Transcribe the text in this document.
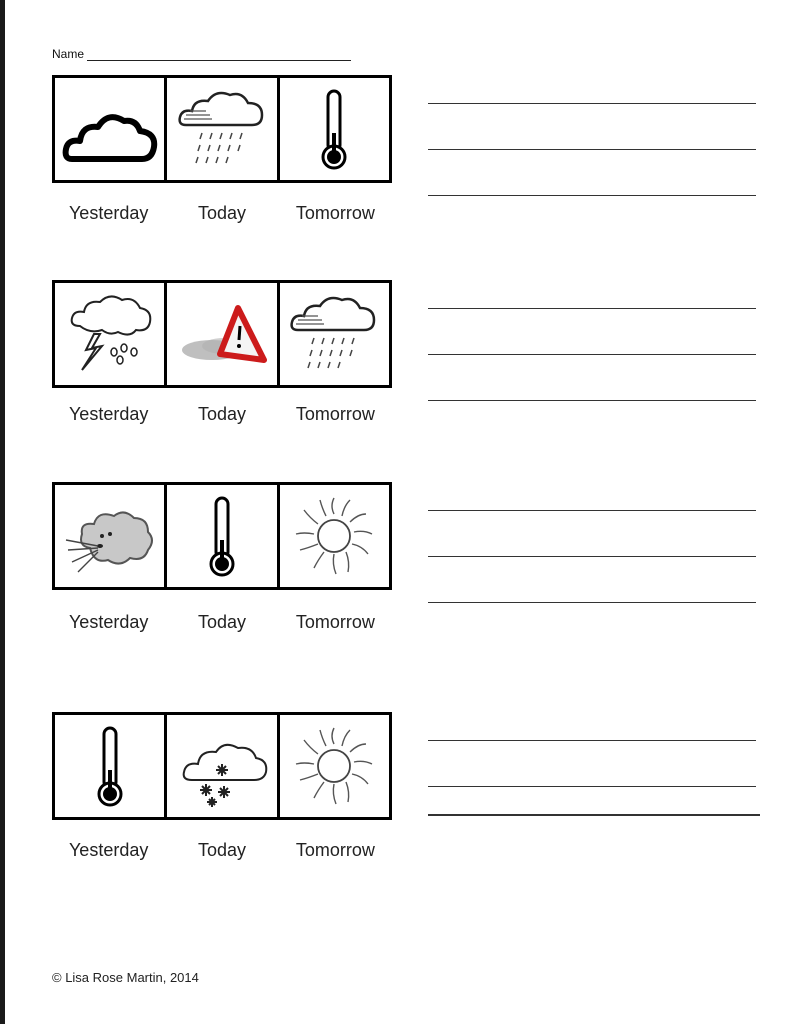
Name
Yesterday	Today	Tomorrow
Yesterday	Today	Tomorrow
Yesterday	Today	Tomorrow
Yesterday	Today	Tomorrow
© Lisa Rose Martin, 2014
